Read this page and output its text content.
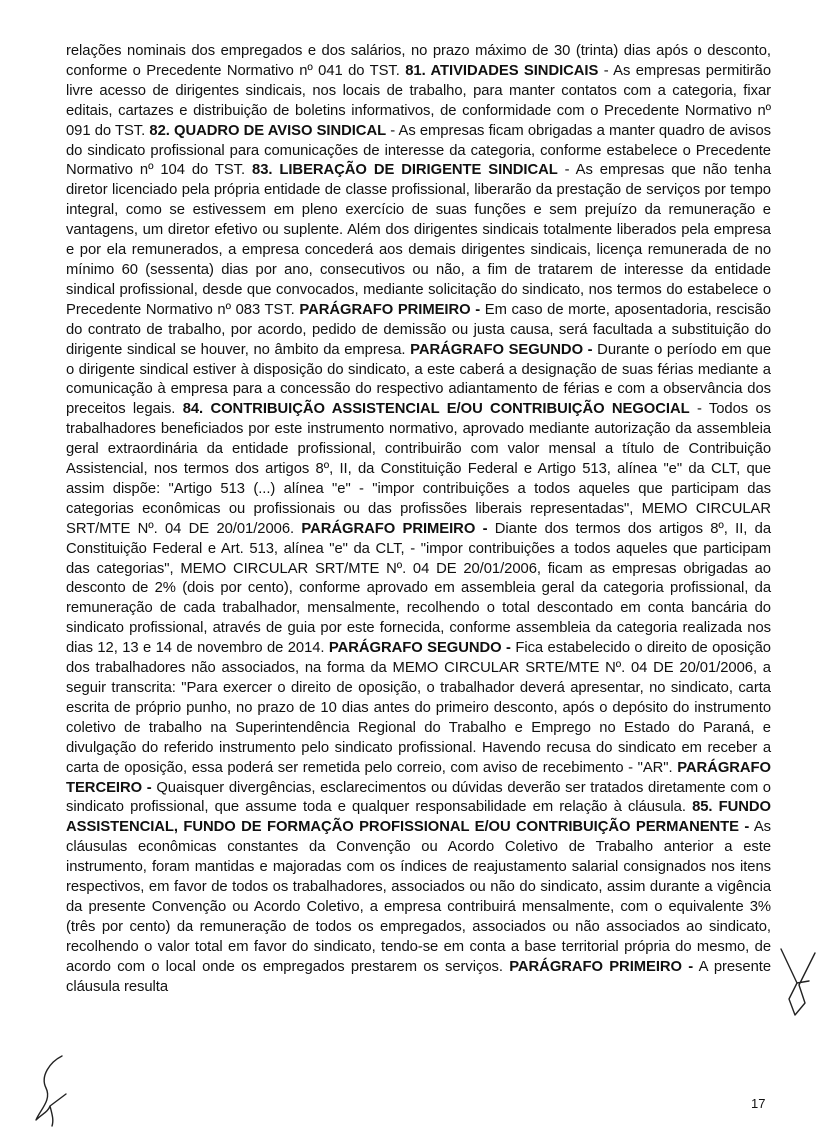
relações nominais dos empregados e dos salários, no prazo máximo de 30 (trinta) dias após o desconto, conforme o Precedente Normativo nº 041 do TST. 81. ATIVIDADES SINDICAIS - As empresas permitirão livre acesso de dirigentes sindicais, nos locais de trabalho, para manter contatos com a categoria, fixar editais, cartazes e distribuição de boletins informativos, de conformidade com o Precedente Normativo nº 091 do TST. 82. QUADRO DE AVISO SINDICAL - As empresas ficam obrigadas a manter quadro de avisos do sindicato profissional para comunicações de interesse da categoria, conforme estabelece o Precedente Normativo nº 104 do TST. 83. LIBERAÇÃO DE DIRIGENTE SINDICAL - As empresas que não tenha diretor licenciado pela própria entidade de classe profissional, liberarão da prestação de serviços por tempo integral, como se estivessem em pleno exercício de suas funções e sem prejuízo da remuneração e vantagens, um diretor efetivo ou suplente. Além dos dirigentes sindicais totalmente liberados pela empresa e por ela remunerados, a empresa concederá aos demais dirigentes sindicais, licença remunerada de no mínimo 60 (sessenta) dias por ano, consecutivos ou não, a fim de tratarem de interesse da entidade sindical profissional, desde que convocados, mediante solicitação do sindicato, nos termos do estabelece o Precedente Normativo nº 083 TST. PARÁGRAFO PRIMEIRO - Em caso de morte, aposentadoria, rescisão do contrato de trabalho, por acordo, pedido de demissão ou justa causa, será facultada a substituição do dirigente sindical se houver, no âmbito da empresa. PARÁGRAFO SEGUNDO - Durante o período em que o dirigente sindical estiver à disposição do sindicato, a este caberá a designação de suas férias mediante a comunicação à empresa para a concessão do respectivo adiantamento de férias e com a observância dos preceitos legais. 84. CONTRIBUIÇÃO ASSISTENCIAL E/OU CONTRIBUIÇÃO NEGOCIAL - Todos os trabalhadores beneficiados por este instrumento normativo, aprovado mediante autorização da assembleia geral extraordinária da entidade profissional, contribuirão com valor mensal a título de Contribuição Assistencial, nos termos dos artigos 8º, II, da Constituição Federal e Artigo 513, alínea "e" da CLT, que assim dispõe: "Artigo 513 (...) alínea "e" - "impor contribuições a todos aqueles que participam das categorias econômicas ou profissionais ou das profissões liberais representadas", MEMO CIRCULAR SRT/MTE Nº. 04 DE 20/01/2006. PARÁGRAFO PRIMEIRO - Diante dos termos dos artigos 8º, II, da Constituição Federal e Art. 513, alínea "e" da CLT, - "impor contribuições a todos aqueles que participam das categorias", MEMO CIRCULAR SRT/MTE Nº. 04 DE 20/01/2006, ficam as empresas obrigadas ao desconto de 2% (dois por cento), conforme aprovado em assembleia geral da categoria profissional, da remuneração de cada trabalhador, mensalmente, recolhendo o total descontado em conta bancária do sindicato profissional, através de guia por este fornecida, conforme assembleia da categoria realizada nos dias 12, 13 e 14 de novembro de 2014. PARÁGRAFO SEGUNDO - Fica estabelecido o direito de oposição dos trabalhadores não associados, na forma da MEMO CIRCULAR SRTE/MTE Nº. 04 DE 20/01/2006, a seguir transcrita: "Para exercer o direito de oposição, o trabalhador deverá apresentar, no sindicato, carta escrita de próprio punho, no prazo de 10 dias antes do primeiro desconto, após o depósito do instrumento coletivo de trabalho na Superintendência Regional do Trabalho e Emprego no Estado do Paraná, e divulgação do referido instrumento pelo sindicato profissional. Havendo recusa do sindicato em receber a carta de oposição, essa poderá ser remetida pelo correio, com aviso de recebimento - "AR". PARÁGRAFO TERCEIRO - Quaisquer divergências, esclarecimentos ou dúvidas deverão ser tratados diretamente com o sindicato profissional, que assume toda e qualquer responsabilidade em relação à cláusula. 85. FUNDO ASSISTENCIAL, FUNDO DE FORMAÇÃO PROFISSIONAL E/OU CONTRIBUIÇÃO PERMANENTE - As cláusulas econômicas constantes da Convenção ou Acordo Coletivo de Trabalho anterior a este instrumento, foram mantidas e majoradas com os índices de reajustamento salarial consignados nos itens respectivos, em favor de todos os trabalhadores, associados ou não do sindicato, assim durante a vigência da presente Convenção ou Acordo Coletivo, a empresa contribuirá mensalmente, com o equivalente 3% (três por cento) da remuneração de todos os empregados, associados ou não associados ao sindicato, recolhendo o valor total em favor do sindicato, tendo-se em conta a base territorial própria do mesmo, de acordo com o local onde os empregados prestarem os serviços. PARÁGRAFO PRIMEIRO - A presente cláusula resulta

17
